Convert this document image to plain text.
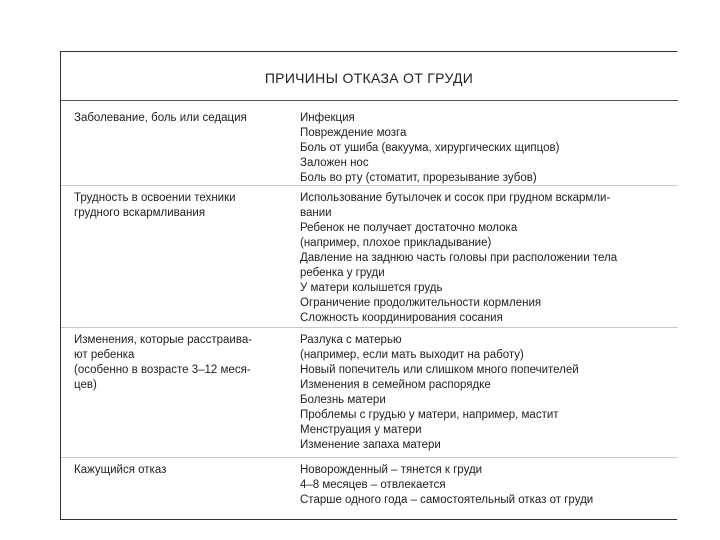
ПРИЧИНЫ ОТКАЗА ОТ ГРУДИ
Заболевание, боль или седация	Инфекция
Повреждение мозга
Боль от ушиба (вакуума, хирургических щипцов)
Заложен нос
Боль во рту (стоматит, прорезывание зубов)
Трудность в освоении техники
грудного вскармливания
Использование бутылочек и сосок при грудном вскармли-
вании
Ребенок не получает достаточно молока
(например, плохое прикладывание)
Давление на заднюю часть головы при расположении тела
ребенка у груди
У матери колышется грудь
Ограничение продолжительности кормления
Сложность координирования сосания
Изменения, которые расстраива-
ют ребенка
(особенно в возрасте 3–12 меся-
цев)
Разлука с матерью
(например, если мать выходит на работу)
Новый попечитель или слишком много попечителей
Изменения в семейном распорядке
Болезнь матери
Проблемы с грудью у матери, например, мастит
Менструация у матери
Изменение запаха матери
Кажущийся отказ	Новорожденный – тянется к груди
4–8 месяцев – отвлекается
Старше одного года – самостоятельный отказ от груди
